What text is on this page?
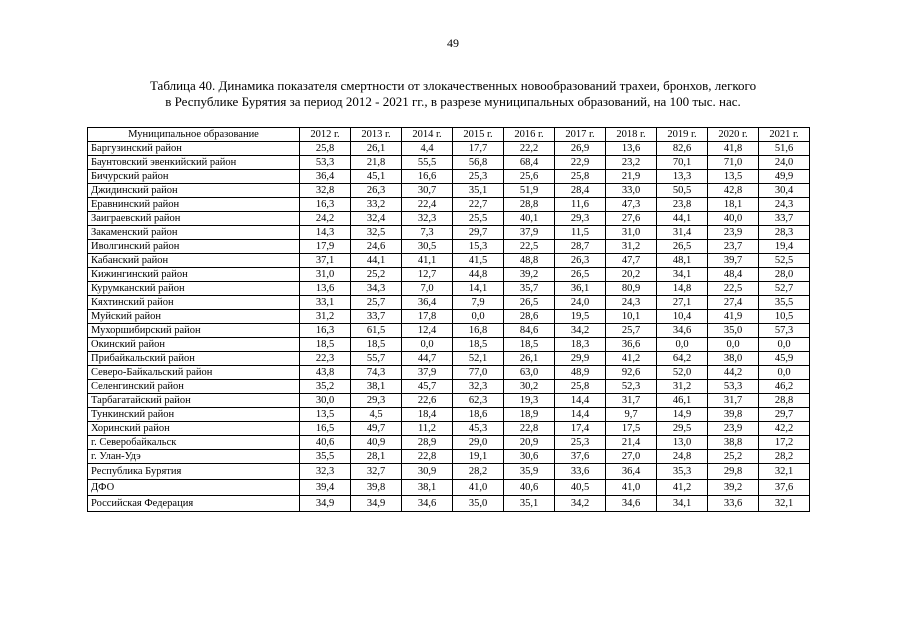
49
Таблица 40. Динамика показателя смертности от злокачественных новообразований трахеи, бронхов, легкого
в Республике Бурятия за период 2012 - 2021 гг., в разрезе муниципальных образований, на 100 тыс. нас.
Муниципальное образование	2012 г.	2013 г.	2014 г.	2015 г.	2016 г.	2017 г.	2018 г.	2019 г.	2020 г.	2021 г.
Баргузинский район	25,8	26,1	4,4	17,7	22,2	26,9	13,6	82,6	41,8	51,6
Баунтовский эвенкийский район	53,3	21,8	55,5	56,8	68,4	22,9	23,2	70,1	71,0	24,0
Бичурский район	36,4	45,1	16,6	25,3	25,6	25,8	21,9	13,3	13,5	49,9
Джидинский район	32,8	26,3	30,7	35,1	51,9	28,4	33,0	50,5	42,8	30,4
Еравнинский район	16,3	33,2	22,4	22,7	28,8	11,6	47,3	23,8	18,1	24,3
Заиграевский район	24,2	32,4	32,3	25,5	40,1	29,3	27,6	44,1	40,0	33,7
Закаменский район	14,3	32,5	7,3	29,7	37,9	11,5	31,0	31,4	23,9	28,3
Иволгинский район	17,9	24,6	30,5	15,3	22,5	28,7	31,2	26,5	23,7	19,4
Кабанский район	37,1	44,1	41,1	41,5	48,8	26,3	47,7	48,1	39,7	52,5
Кижингинский район	31,0	25,2	12,7	44,8	39,2	26,5	20,2	34,1	48,4	28,0
Курумканский район	13,6	34,3	7,0	14,1	35,7	36,1	80,9	14,8	22,5	52,7
Кяхтинский район	33,1	25,7	36,4	7,9	26,5	24,0	24,3	27,1	27,4	35,5
Муйский район	31,2	33,7	17,8	0,0	28,6	19,5	10,1	10,4	41,9	10,5
Мухоршибирский район	16,3	61,5	12,4	16,8	84,6	34,2	25,7	34,6	35,0	57,3
Окинский район	18,5	18,5	0,0	18,5	18,5	18,3	36,6	0,0	0,0	0,0
Прибайкальский район	22,3	55,7	44,7	52,1	26,1	29,9	41,2	64,2	38,0	45,9
Северо-Байкальский район	43,8	74,3	37,9	77,0	63,0	48,9	92,6	52,0	44,2	0,0
Селенгинский район	35,2	38,1	45,7	32,3	30,2	25,8	52,3	31,2	53,3	46,2
Тарбагатайский район	30,0	29,3	22,6	62,3	19,3	14,4	31,7	46,1	31,7	28,8
Тункинский район	13,5	4,5	18,4	18,6	18,9	14,4	9,7	14,9	39,8	29,7
Хоринский район	16,5	49,7	11,2	45,3	22,8	17,4	17,5	29,5	23,9	42,2
г. Северобайкальск	40,6	40,9	28,9	29,0	20,9	25,3	21,4	13,0	38,8	17,2
г. Улан-Удэ	35,5	28,1	22,8	19,1	30,6	37,6	27,0	24,8	25,2	28,2
Республика Бурятия	32,3	32,7	30,9	28,2	35,9	33,6	36,4	35,3	29,8	32,1
ДФО	39,4	39,8	38,1	41,0	40,6	40,5	41,0	41,2	39,2	37,6
Российская Федерация	34,9	34,9	34,6	35,0	35,1	34,2	34,6	34,1	33,6	32,1
